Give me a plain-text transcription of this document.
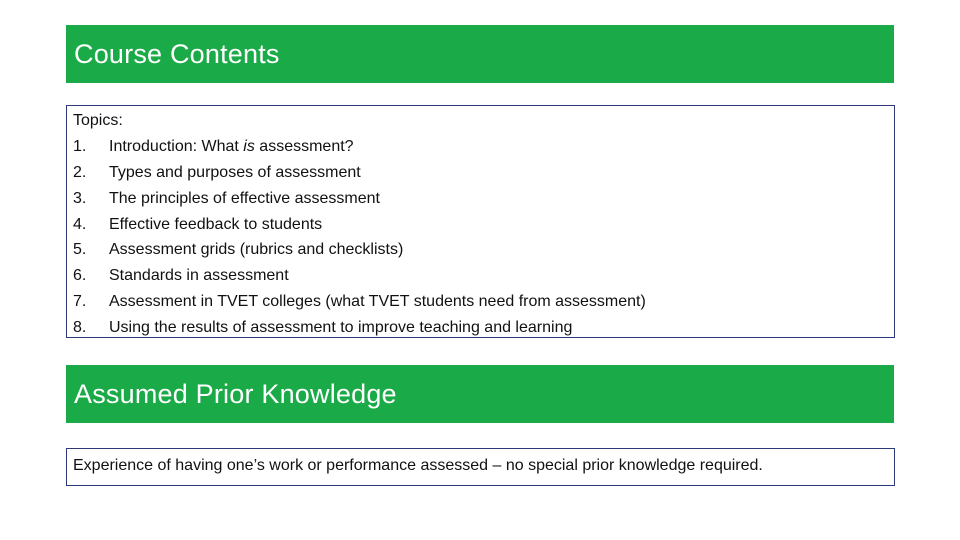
Course Contents
Topics:
1. Introduction: What is assessment?
2. Types and purposes of assessment
3. The principles of effective assessment
4. Effective feedback to students
5. Assessment grids (rubrics and checklists)
6. Standards in assessment
7. Assessment in TVET colleges (what TVET students need from assessment)
8. Using the results of assessment to improve teaching and learning
Assumed Prior Knowledge
Experience of having one’s work or performance assessed – no special prior knowledge required.
